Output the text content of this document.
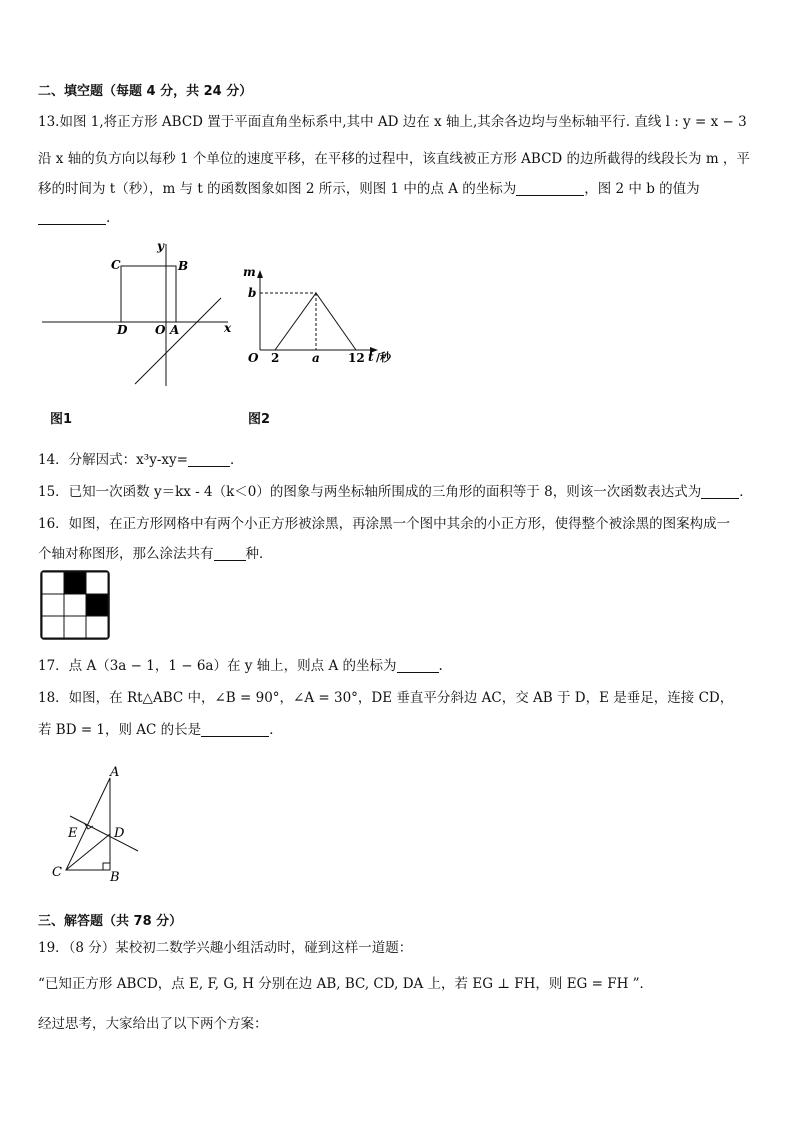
二、填空题（每题 4 分，共 24 分）
13.如图 1,将正方形 ABCD 置于平面直角坐标系中,其中 AD 边在 x 轴上,其余各边均与坐标轴平行. 直线 l : y = x − 3
沿 x 轴的负方向以每秒 1 个单位的速度平移，在平移的过程中，该直线被正方形 ABCD 的边所截得的线段长为 m ，平
移的时间为 t（秒），m 与 t 的函数图象如图 2 所示，则图 1 中的点 A 的坐标为	，图 2 中 b 的值为
.
C	B
D O A	x
y
图1
m
b
O 2	a 12 t /秒
图2
14．分解因式：x³y-xy=	．
15．已知一次函数 y＝kx - 4（k＜0）的图象与两坐标轴所围成的三角形的面积等于 8，则该一次函数表达式为	．
16．如图，在正方形网格中有两个小正方形被涂黑，再涂黑一个图中其余的小正方形，使得整个被涂黑的图案构成一
个轴对称图形，那么涂法共有 种．
17．点 A（3a − 1，1 − 6a）在 y 轴上，则点 A 的坐标为	.
18．如图，在 Rt△ABC 中，∠B = 90°，∠A = 30°，DE 垂直平分斜边 AC，交 AB 于 D，E 是垂足，连接 CD，
若 BD = 1，则 AC 的长是	．
A
E	D
C	B
三、解答题（共 78 分）
19．（8 分）某校初二数学兴趣小组活动时，碰到这样一道题：
“已知正方形 ABCD，点 E, F, G, H 分别在边 AB, BC, CD, DA 上，若 EG ⊥ FH，则 EG = FH ”．
经过思考，大家给出了以下两个方案：
